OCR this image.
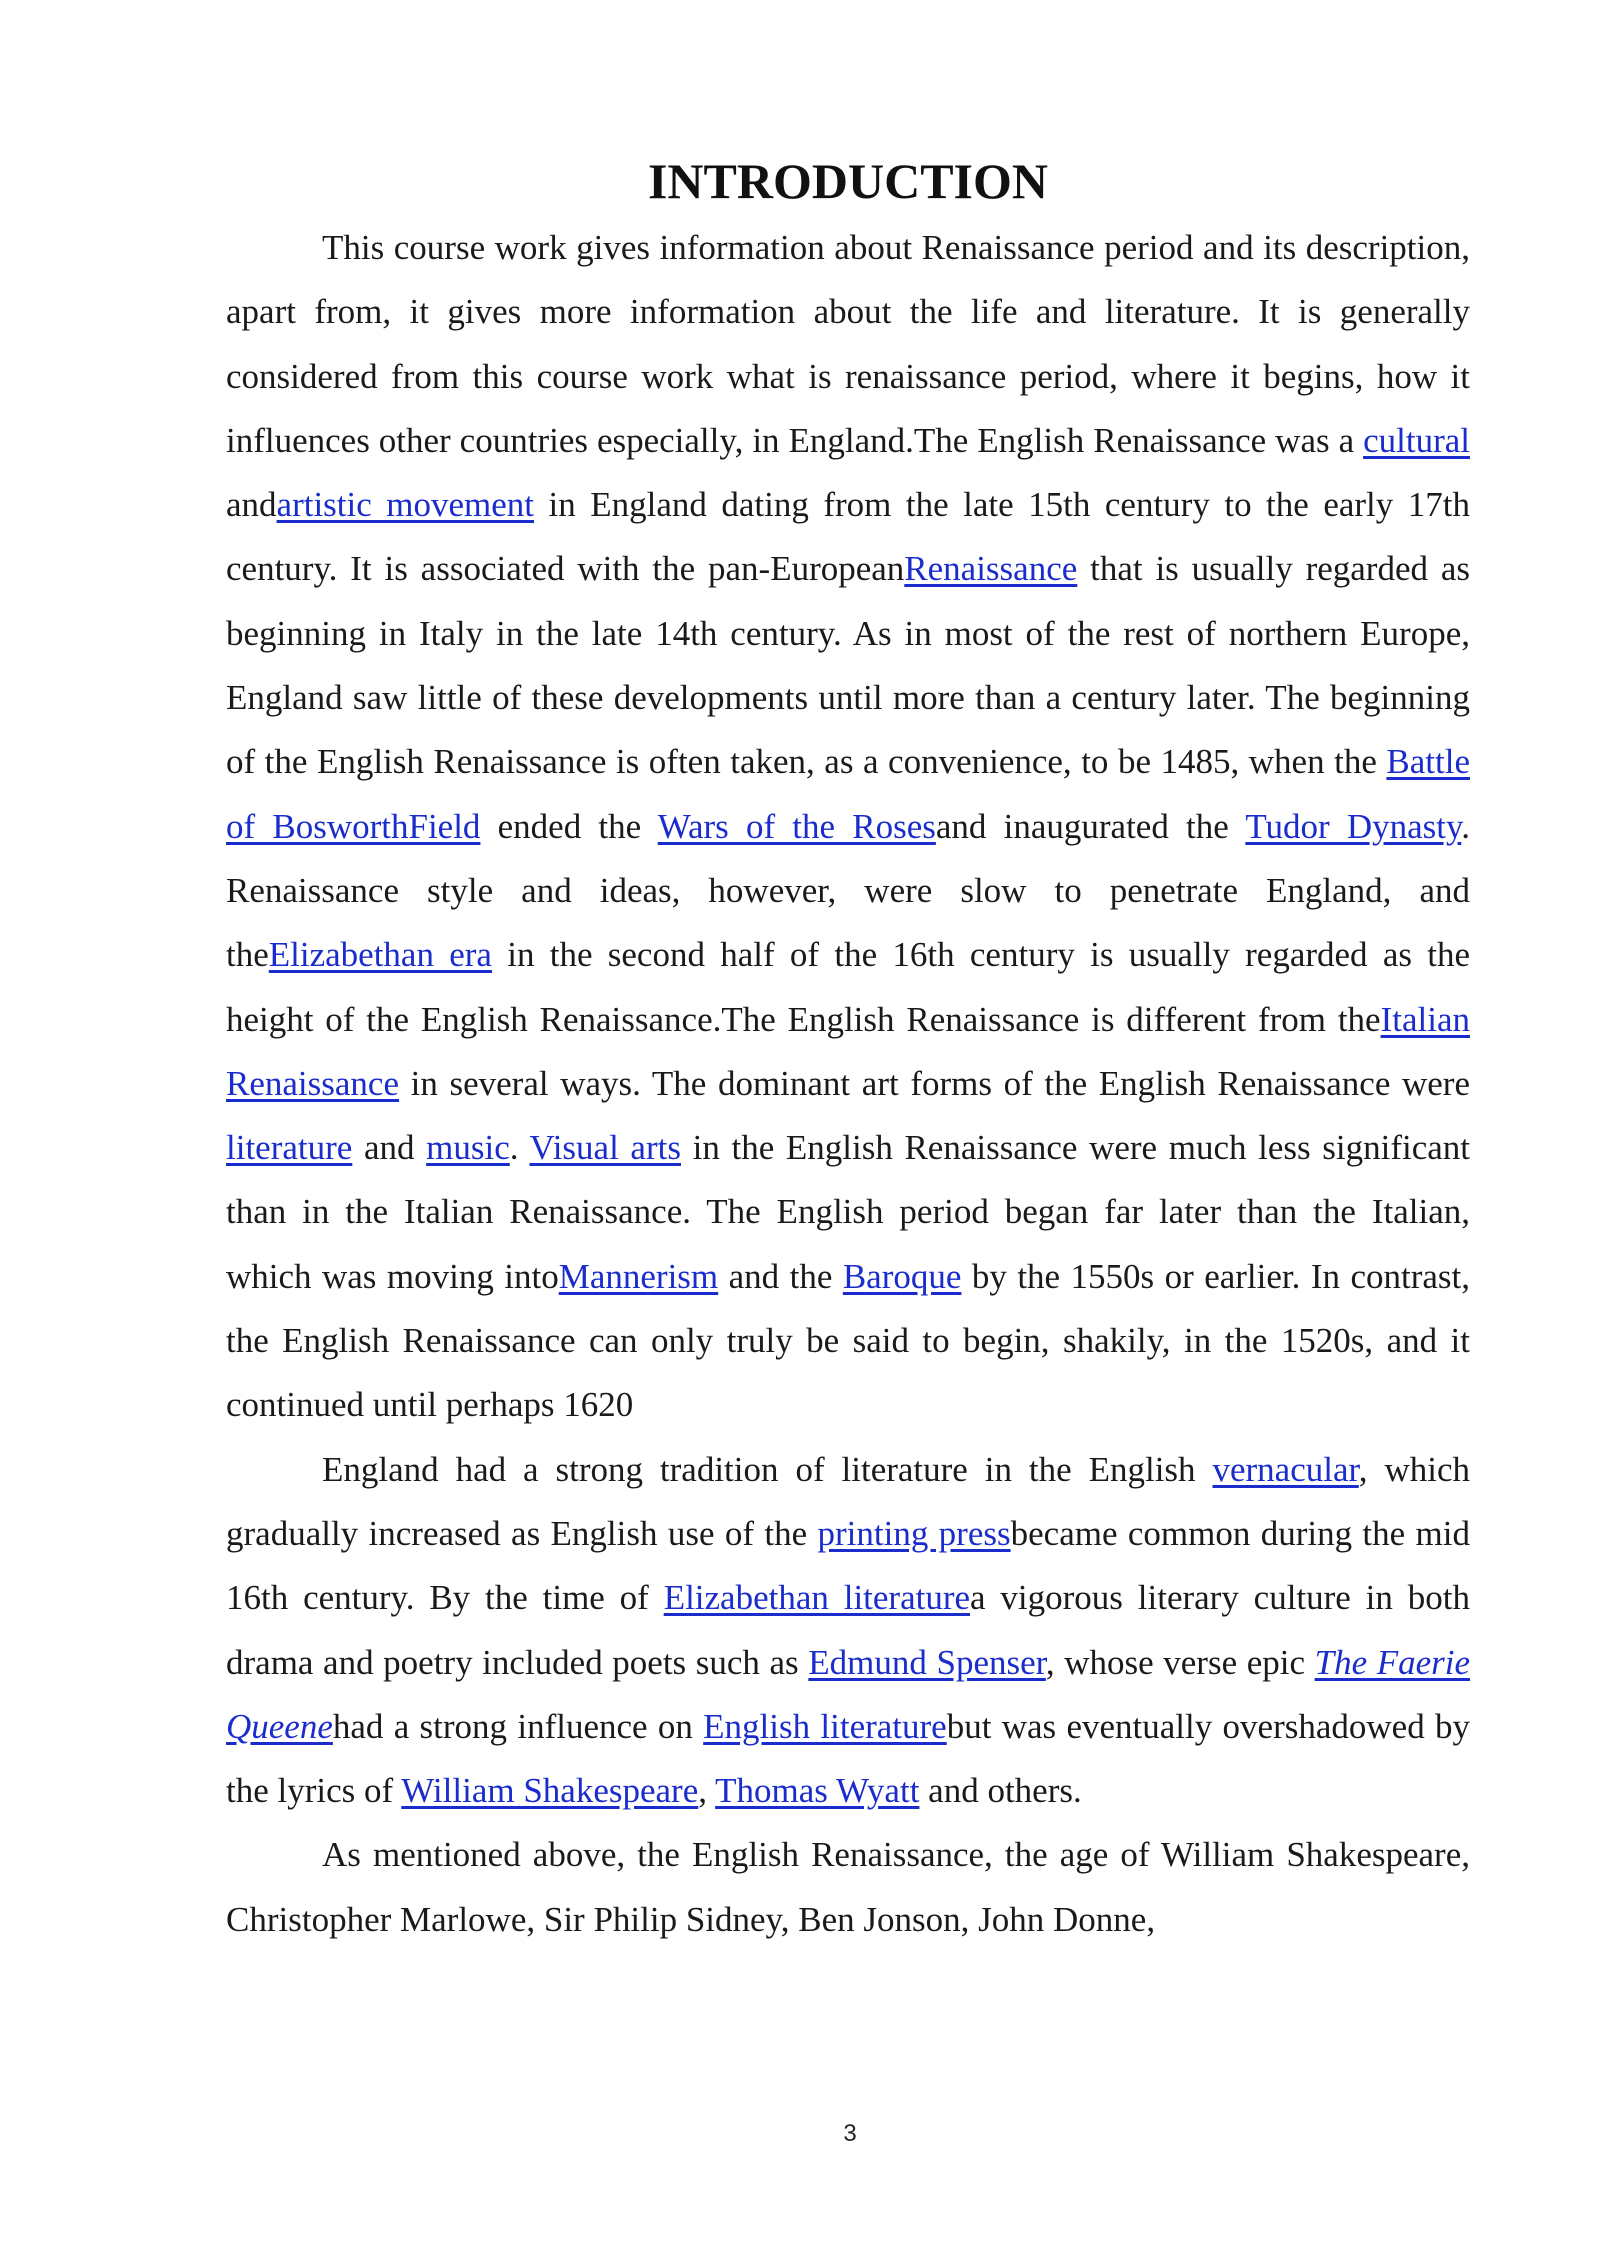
INTRODUCTION

This course work gives information about Renaissance period and its description, apart from, it gives more information about the life and literature. It is generally considered from this course work what is renaissance period, where it begins, how it influences other countries especially, in England.The English Renaissance was a cultural andartistic movement in England dating from the late 15th century to the early 17th century. It is associated with the pan-EuropeanRenaissance that is usually regarded as beginning in Italy in the late 14th century. As in most of the rest of northern Europe, England saw little of these developments until more than a century later. The beginning of the English Renaissance is often taken, as a convenience, to be 1485, when the Battle of BosworthField ended the Wars of the Rosesand inaugurated the Tudor Dynasty. Renaissance style and ideas, however, were slow to penetrate England, and theElizabethan era in the second half of the 16th century is usually regarded as the height of the English Renaissance.The English Renaissance is different from theItalian Renaissance in several ways. The dominant art forms of the English Renaissance were literature and music. Visual arts in the English Renaissance were much less significant than in the Italian Renaissance. The English period began far later than the Italian, which was moving intoMannerism and the Baroque by the 1550s or earlier. In contrast, the English Renaissance can only truly be said to begin, shakily, in the 1520s, and it continued until perhaps 1620

England had a strong tradition of literature in the English vernacular, which gradually increased as English use of the printing pressbecame common during the mid 16th century. By the time of Elizabethan literaturea vigorous literary culture in both drama and poetry included poets such as Edmund Spenser, whose verse epic The Faerie Queenehad a strong influence on English literaturebut was eventually overshadowed by the lyrics of William Shakespeare, Thomas Wyatt and others.

As mentioned above, the English Renaissance, the age of William Shakespeare, Christopher Marlowe, Sir Philip Sidney, Ben Jonson, John Donne,

3
